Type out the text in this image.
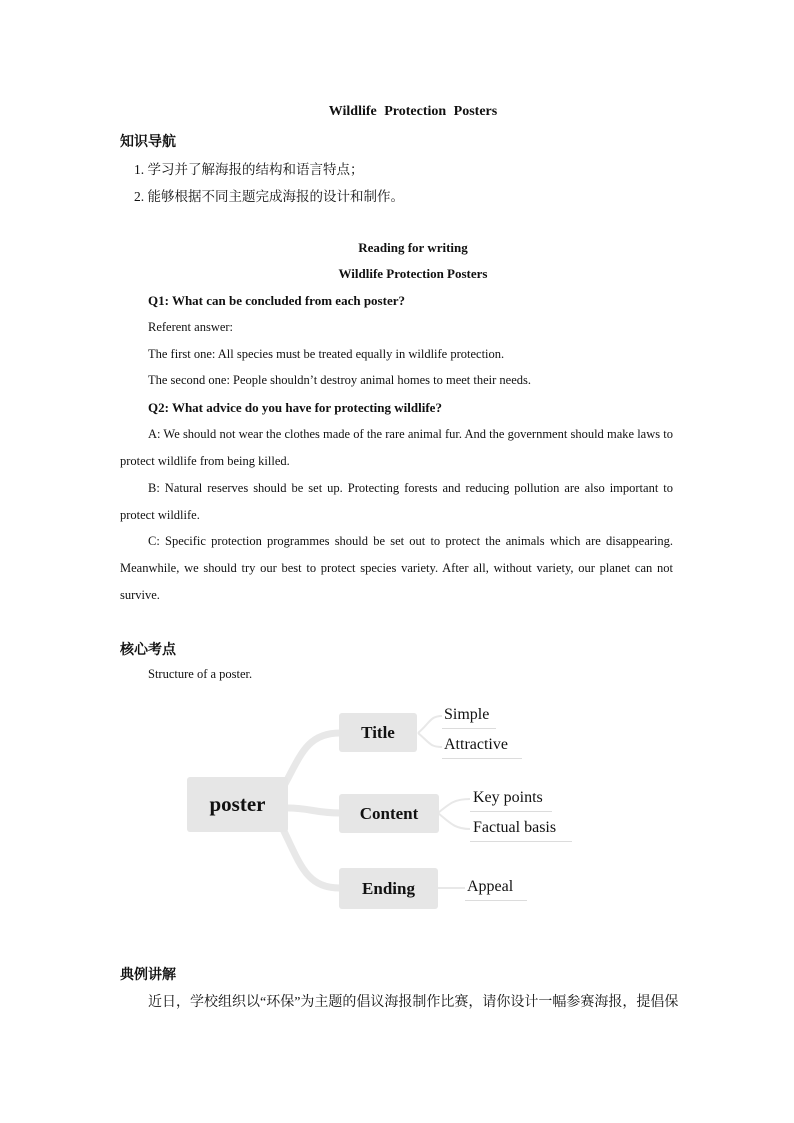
Wildlife Protection Posters
知识导航
1. 学习并了解海报的结构和语言特点；
2. 能够根据不同主题完成海报的设计和制作。
Reading for writing
Wildlife Protection Posters
Q1: What can be concluded from each poster?
Referent answer:
The first one: All species must be treated equally in wildlife protection.
The second one: People shouldn’t destroy animal homes to meet their needs.
Q2: What advice do you have for protecting wildlife?
A: We should not wear the clothes made of the rare animal fur. And the government should make laws to protect wildlife from being killed.
B: Natural reserves should be set up. Protecting forests and reducing pollution are also important to protect wildlife.
C: Specific protection programmes should be set out to protect the animals which are disappearing. Meanwhile, we should try our best to protect species variety. After all, without variety, our planet can not survive.
核心考点
Structure of a poster.
poster
Title
Content
Ending
Simple
Attractive
Key points
Factual basis
Appeal
典例讲解
近日，学校组织以“环保”为主题的倡议海报制作比赛，请你设计一幅参赛海报，提倡保
